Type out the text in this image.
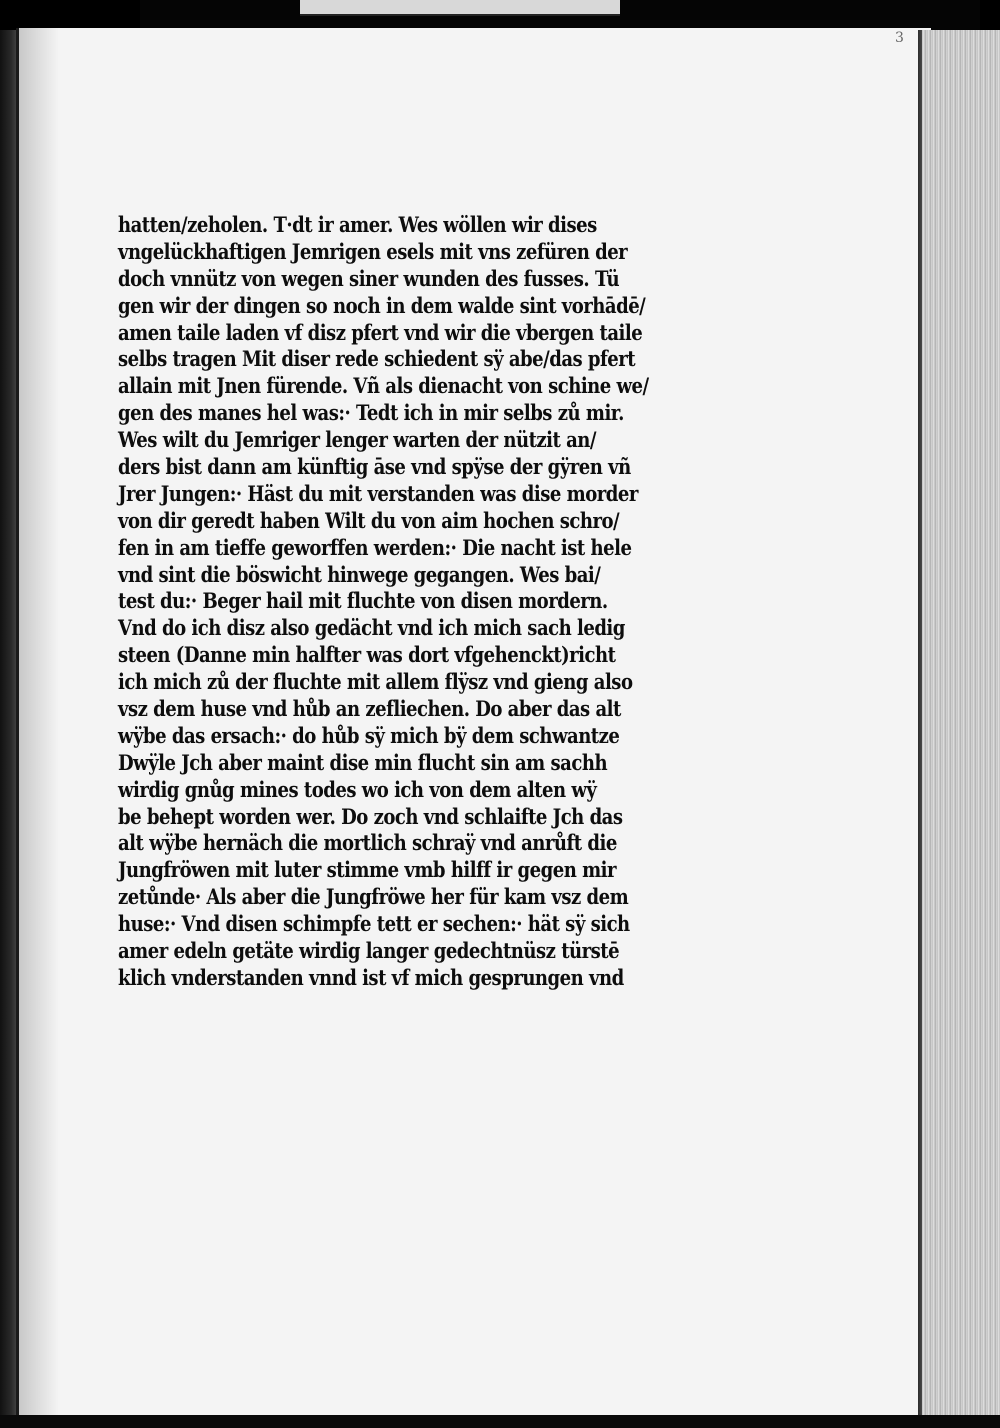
3
hatten/zeholen. T·dt ir amer. Wes wöllen wir dises
vngelückhaftigen Jemrigen esels mit vns zefüren der
doch vnnütz von wegen siner wunden des fusses. Tü
gen wir der dingen so noch in dem walde sint vorhādē/
amen taile laden vf disz pfert vnd wir die vbergen taile
selbs tragen Mit diser rede schiedent sÿ abe/das pfert
allain mit Jnen fürende. Vñ als dienacht von schine we/
gen des manes hel was:· Tedt ich in mir selbs zů mir.
Wes wilt du Jemriger lenger warten der nützit an/
ders bist dann am künftig āse vnd spÿse der gÿren vñ
Jrer Jungen:· Häst du mit verstanden was dise morder
von dir geredt haben Wilt du von aim hochen schro/
fen in am tieffe geworffen werden:· Die nacht ist hele
vnd sint die böswicht hinwege gegangen. Wes bai/
test du:· Beger hail mit fluchte von disen mordern.
Vnd do ich disz also gedächt vnd ich mich sach ledig
steen (Danne min halfter was dort vfgehenckt)richt
ich mich zů der fluchte mit allem flÿsz vnd gieng also
vsz dem huse vnd hůb an zefliechen. Do aber das alt
wÿbe das ersach:· do hůb sÿ mich bÿ dem schwantze
Dwÿle Jch aber maint dise min flucht sin am sachh
wirdig gnůg mines todes wo ich von dem alten wÿ
be behept worden wer. Do zoch vnd schlaifte Jch das
alt wÿbe hernäch die mortlich schraÿ vnd anrůft die
Jungfröwen mit luter stimme vmb hilff ir gegen mir
zetůnde· Als aber die Jungfröwe her für kam vsz dem
huse:· Vnd disen schimpfe tett er sechen:· hät sÿ sich
amer edeln getäte wirdig langer gedechtnüsz türstē
klich vnderstanden vnnd ist vf mich gesprungen vnd
